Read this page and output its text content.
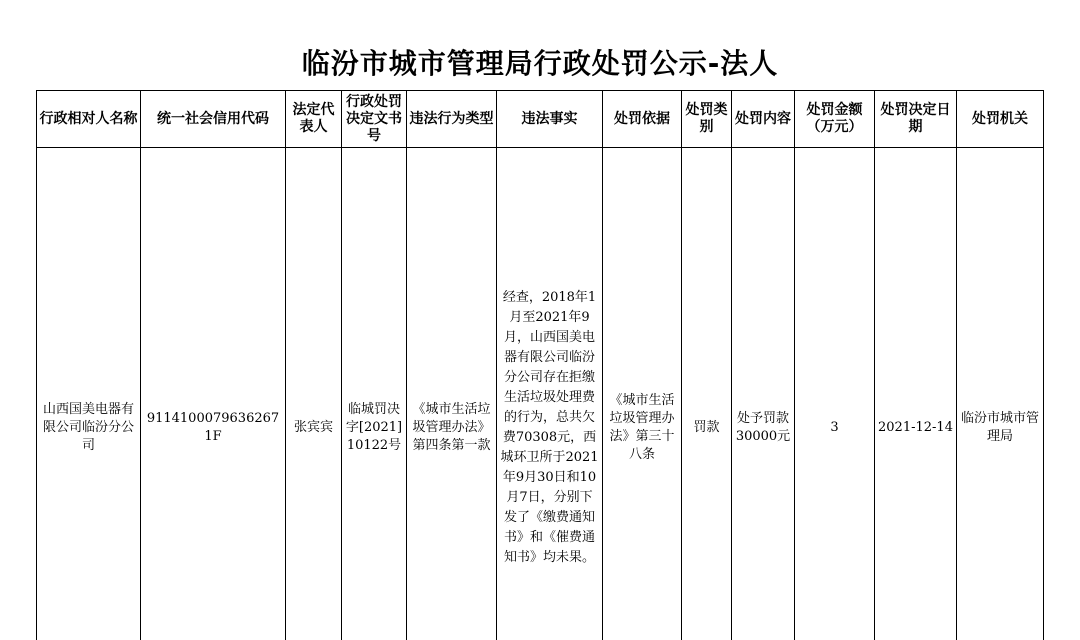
临汾市城市管理局行政处罚公示-法人
行政相对人名称	统一社会信用代码	法定代表人	行政处罚决定文书号	违法行为类型	违法事实	处罚依据	处罚类别	处罚内容	处罚金额（万元）	处罚决定日期	处罚机关
山西国美电器有限公司临汾分公司	91141000796362671F	张宾宾	临城罚决字[2021]10122号	《城市生活垃圾管理办法》第四条第一款	经查，2018年1月至2021年9月，山西国美电器有限公司临汾分公司存在拒缴生活垃圾处理费的行为，总共欠费70308元，西城环卫所于2021年9月30日和10月7日，分别下发了《缴费通知书》和《催费通知书》均未果。	《城市生活垃圾管理办法》第三十八条	罚款	处予罚款30000元	3	2021-12-14	临汾市城市管理局
